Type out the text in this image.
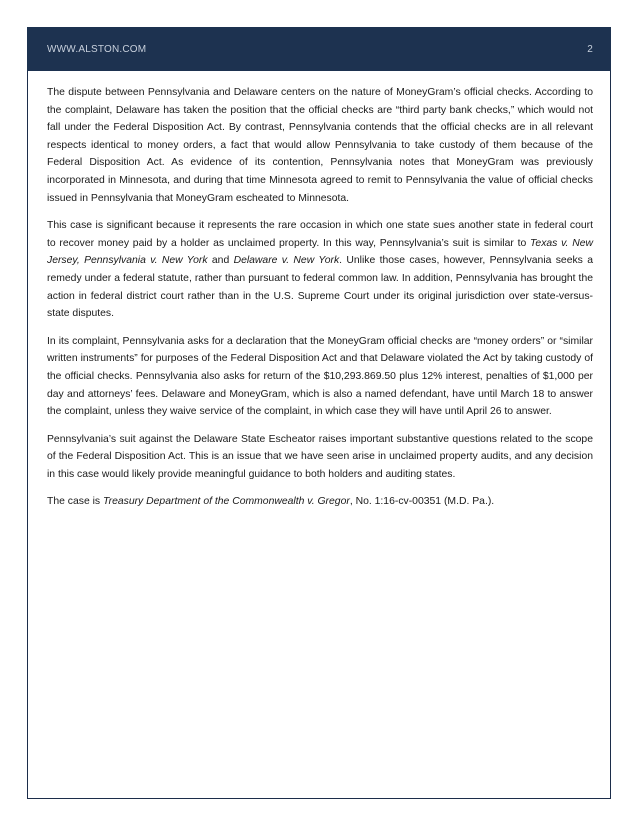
WWW.ALSTON.COM	2

The dispute between Pennsylvania and Delaware centers on the nature of MoneyGram’s official checks. According to the complaint, Delaware has taken the position that the official checks are “third party bank checks,” which would not fall under the Federal Disposition Act. By contrast, Pennsylvania contends that the official checks are in all relevant respects identical to money orders, a fact that would allow Pennsylvania to take custody of them because of the Federal Disposition Act. As evidence of its contention, Pennsylvania notes that MoneyGram was previously incorporated in Minnesota, and during that time Minnesota agreed to remit to Pennsylvania the value of official checks issued in Pennsylvania that MoneyGram escheated to Minnesota.

This case is significant because it represents the rare occasion in which one state sues another state in federal court to recover money paid by a holder as unclaimed property. In this way, Pennsylvania’s suit is similar to Texas v. New Jersey, Pennsylvania v. New York and Delaware v. New York. Unlike those cases, however, Pennsylvania seeks a remedy under a federal statute, rather than pursuant to federal common law. In addition, Pennsylvania has brought the action in federal district court rather than in the U.S. Supreme Court under its original jurisdiction over state-versus-state disputes.

In its complaint, Pennsylvania asks for a declaration that the MoneyGram official checks are “money orders” or “similar written instruments” for purposes of the Federal Disposition Act and that Delaware violated the Act by taking custody of the official checks. Pennsylvania also asks for return of the $10,293.869.50 plus 12% interest, penalties of $1,000 per day and attorneys’ fees. Delaware and MoneyGram, which is also a named defendant, have until March 18 to answer the complaint, unless they waive service of the complaint, in which case they will have until April 26 to answer.

Pennsylvania’s suit against the Delaware State Escheator raises important substantive questions related to the scope of the Federal Disposition Act. This is an issue that we have seen arise in unclaimed property audits, and any decision in this case would likely provide meaningful guidance to both holders and auditing states.

The case is Treasury Department of the Commonwealth v. Gregor, No. 1:16-cv-00351 (M.D. Pa.).
